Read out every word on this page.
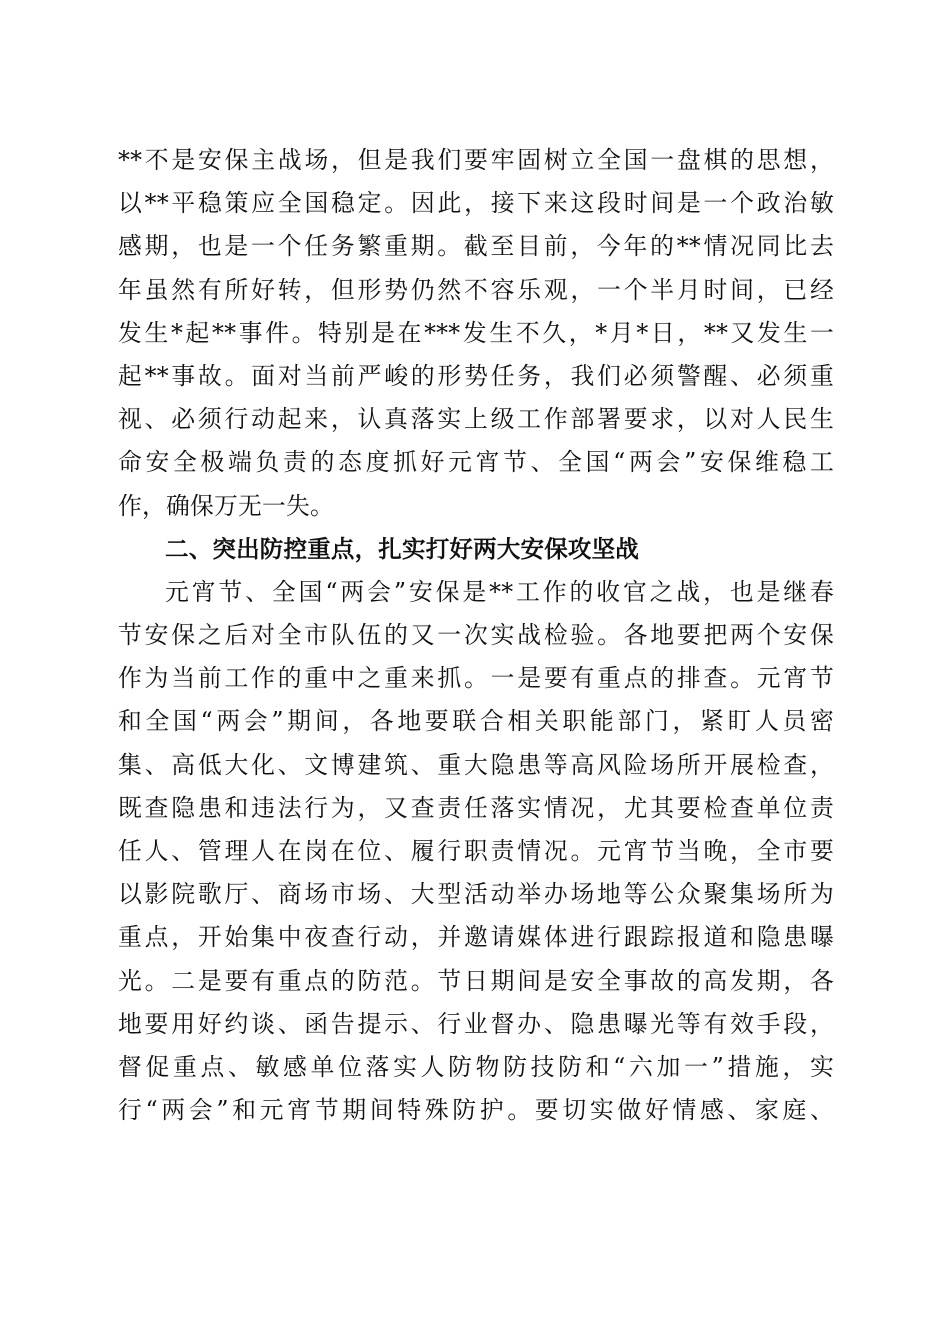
**不是安保主战场，但是我们要牢固树立全国一盘棋的思想，
以**平稳策应全国稳定。因此，接下来这段时间是一个政治敏
感期，也是一个任务繁重期。截至目前，今年的**情况同比去
年虽然有所好转，但形势仍然不容乐观，一个半月时间，已经
发生*起**事件。特别是在***发生不久，*月*日，**又发生一
起**事故。面对当前严峻的形势任务，我们必须警醒、必须重
视、必须行动起来，认真落实上级工作部署要求，以对人民生
命安全极端负责的态度抓好元宵节、全国“两会”安保维稳工
作，确保万无一失。
二、突出防控重点，扎实打好两大安保攻坚战
元宵节、全国“两会”安保是**工作的收官之战，也是继春
节安保之后对全市队伍的又一次实战检验。各地要把两个安保
作为当前工作的重中之重来抓。一是要有重点的排查。元宵节
和全国“两会”期间，各地要联合相关职能部门，紧盯人员密
集、高低大化、文博建筑、重大隐患等高风险场所开展检查，
既查隐患和违法行为，又查责任落实情况，尤其要检查单位责
任人、管理人在岗在位、履行职责情况。元宵节当晚，全市要
以影院歌厅、商场市场、大型活动举办场地等公众聚集场所为
重点，开始集中夜查行动，并邀请媒体进行跟踪报道和隐患曝
光。二是要有重点的防范。节日期间是安全事故的高发期，各
地要用好约谈、函告提示、行业督办、隐患曝光等有效手段，
督促重点、敏感单位落实人防物防技防和“六加一”措施，实
行“两会”和元宵节期间特殊防护。要切实做好情感、家庭、
